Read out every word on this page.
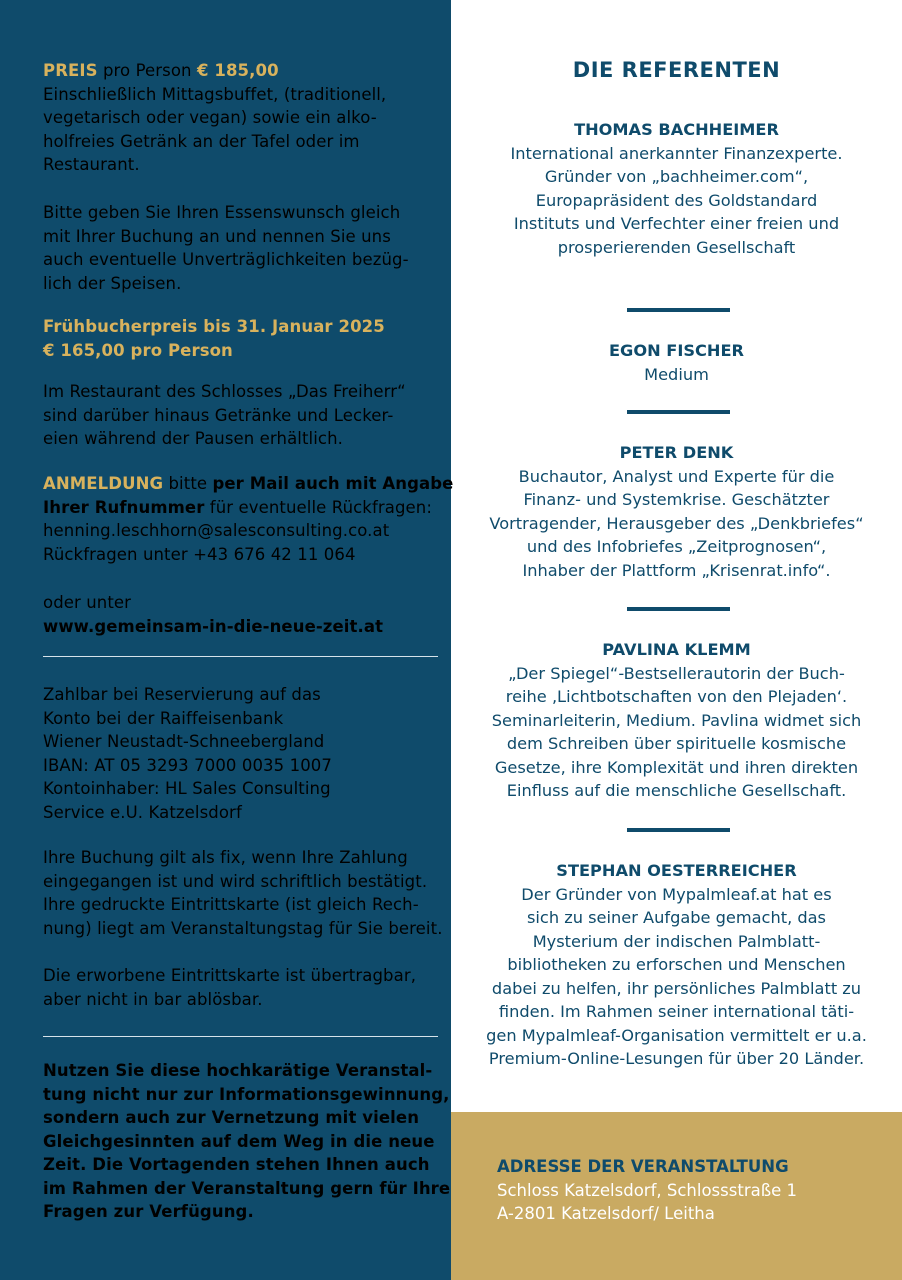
PREIS pro Person € 185,00
Einschließlich Mittagsbuffet, (traditionell,
vegetarisch oder vegan) sowie ein alko-
holfreies Getränk an der Tafel oder im
Restaurant.
Bitte geben Sie Ihren Essenswunsch gleich
mit Ihrer Buchung an und nennen Sie uns
auch eventuelle Unverträglichkeiten bezüg-
lich der Speisen.
Frühbucherpreis bis 31. Januar 2025
€ 165,00 pro Person
Im Restaurant des Schlosses „Das Freiherr“
sind darüber hinaus Getränke und Lecker-
eien während der Pausen erhältlich.
ANMELDUNG bitte per Mail auch mit Angabe
Ihrer Rufnummer für eventuelle Rückfragen:
henning.leschhorn@salesconsulting.co.at
Rückfragen unter +43 676 42 11 064
oder unter
www.gemeinsam-in-die-neue-zeit.at
Zahlbar bei Reservierung auf das
Konto bei der Raiffeisenbank
Wiener Neustadt-Schneebergland
IBAN: AT 05 3293 7000 0035 1007
Kontoinhaber: HL Sales Consulting
Service e.U. Katzelsdorf
Ihre Buchung gilt als fix, wenn Ihre Zahlung
eingegangen ist und wird schriftlich bestätigt.
Ihre gedruckte Eintrittskarte (ist gleich Rech-
nung) liegt am Veranstaltungstag für Sie bereit.
Die erworbene Eintrittskarte ist übertragbar,
aber nicht in bar ablösbar.
Nutzen Sie diese hochkarätige Veranstal-
tung nicht nur zur Informationsgewinnung,
sondern auch zur Vernetzung mit vielen
Gleichgesinnten auf dem Weg in die neue
Zeit. Die Vortagenden stehen Ihnen auch
im Rahmen der Veranstaltung gern für Ihre
Fragen zur Verfügung.
DIE REFERENTEN
THOMAS BACHHEIMER
International anerkannter Finanzexperte.
Gründer von „bachheimer.com“,
Europapräsident des Goldstandard
Instituts und Verfechter einer freien und
prosperierenden Gesellschaft
EGON FISCHER
Medium
PETER DENK
Buchautor, Analyst und Experte für die
Finanz- und Systemkrise. Geschätzter
Vortragender, Herausgeber des „Denkbriefes“
und des Infobriefes „Zeitprognosen“,
Inhaber der Plattform „Krisenrat.info“.
PAVLINA KLEMM
„Der Spiegel“-Bestsellerautorin der Buch-
reihe ‚Lichtbotschaften von den Plejaden‘.
Seminarleiterin, Medium. Pavlina widmet sich
dem Schreiben über spirituelle kosmische
Gesetze, ihre Komplexität und ihren direkten
Einfluss auf die menschliche Gesellschaft.
STEPHAN OESTERREICHER
Der Gründer von Mypalmleaf.at hat es
sich zu seiner Aufgabe gemacht, das
Mysterium der indischen Palmblatt-
bibliotheken zu erforschen und Menschen
dabei zu helfen, ihr persönliches Palmblatt zu
finden. Im Rahmen seiner international täti-
gen Mypalmleaf-Organisation vermittelt er u.a.
Premium-Online-Lesungen für über 20 Länder.
ADRESSE DER VERANSTALTUNG
Schloss Katzelsdorf, Schlossstraße 1
A-2801 Katzelsdorf/ Leitha
